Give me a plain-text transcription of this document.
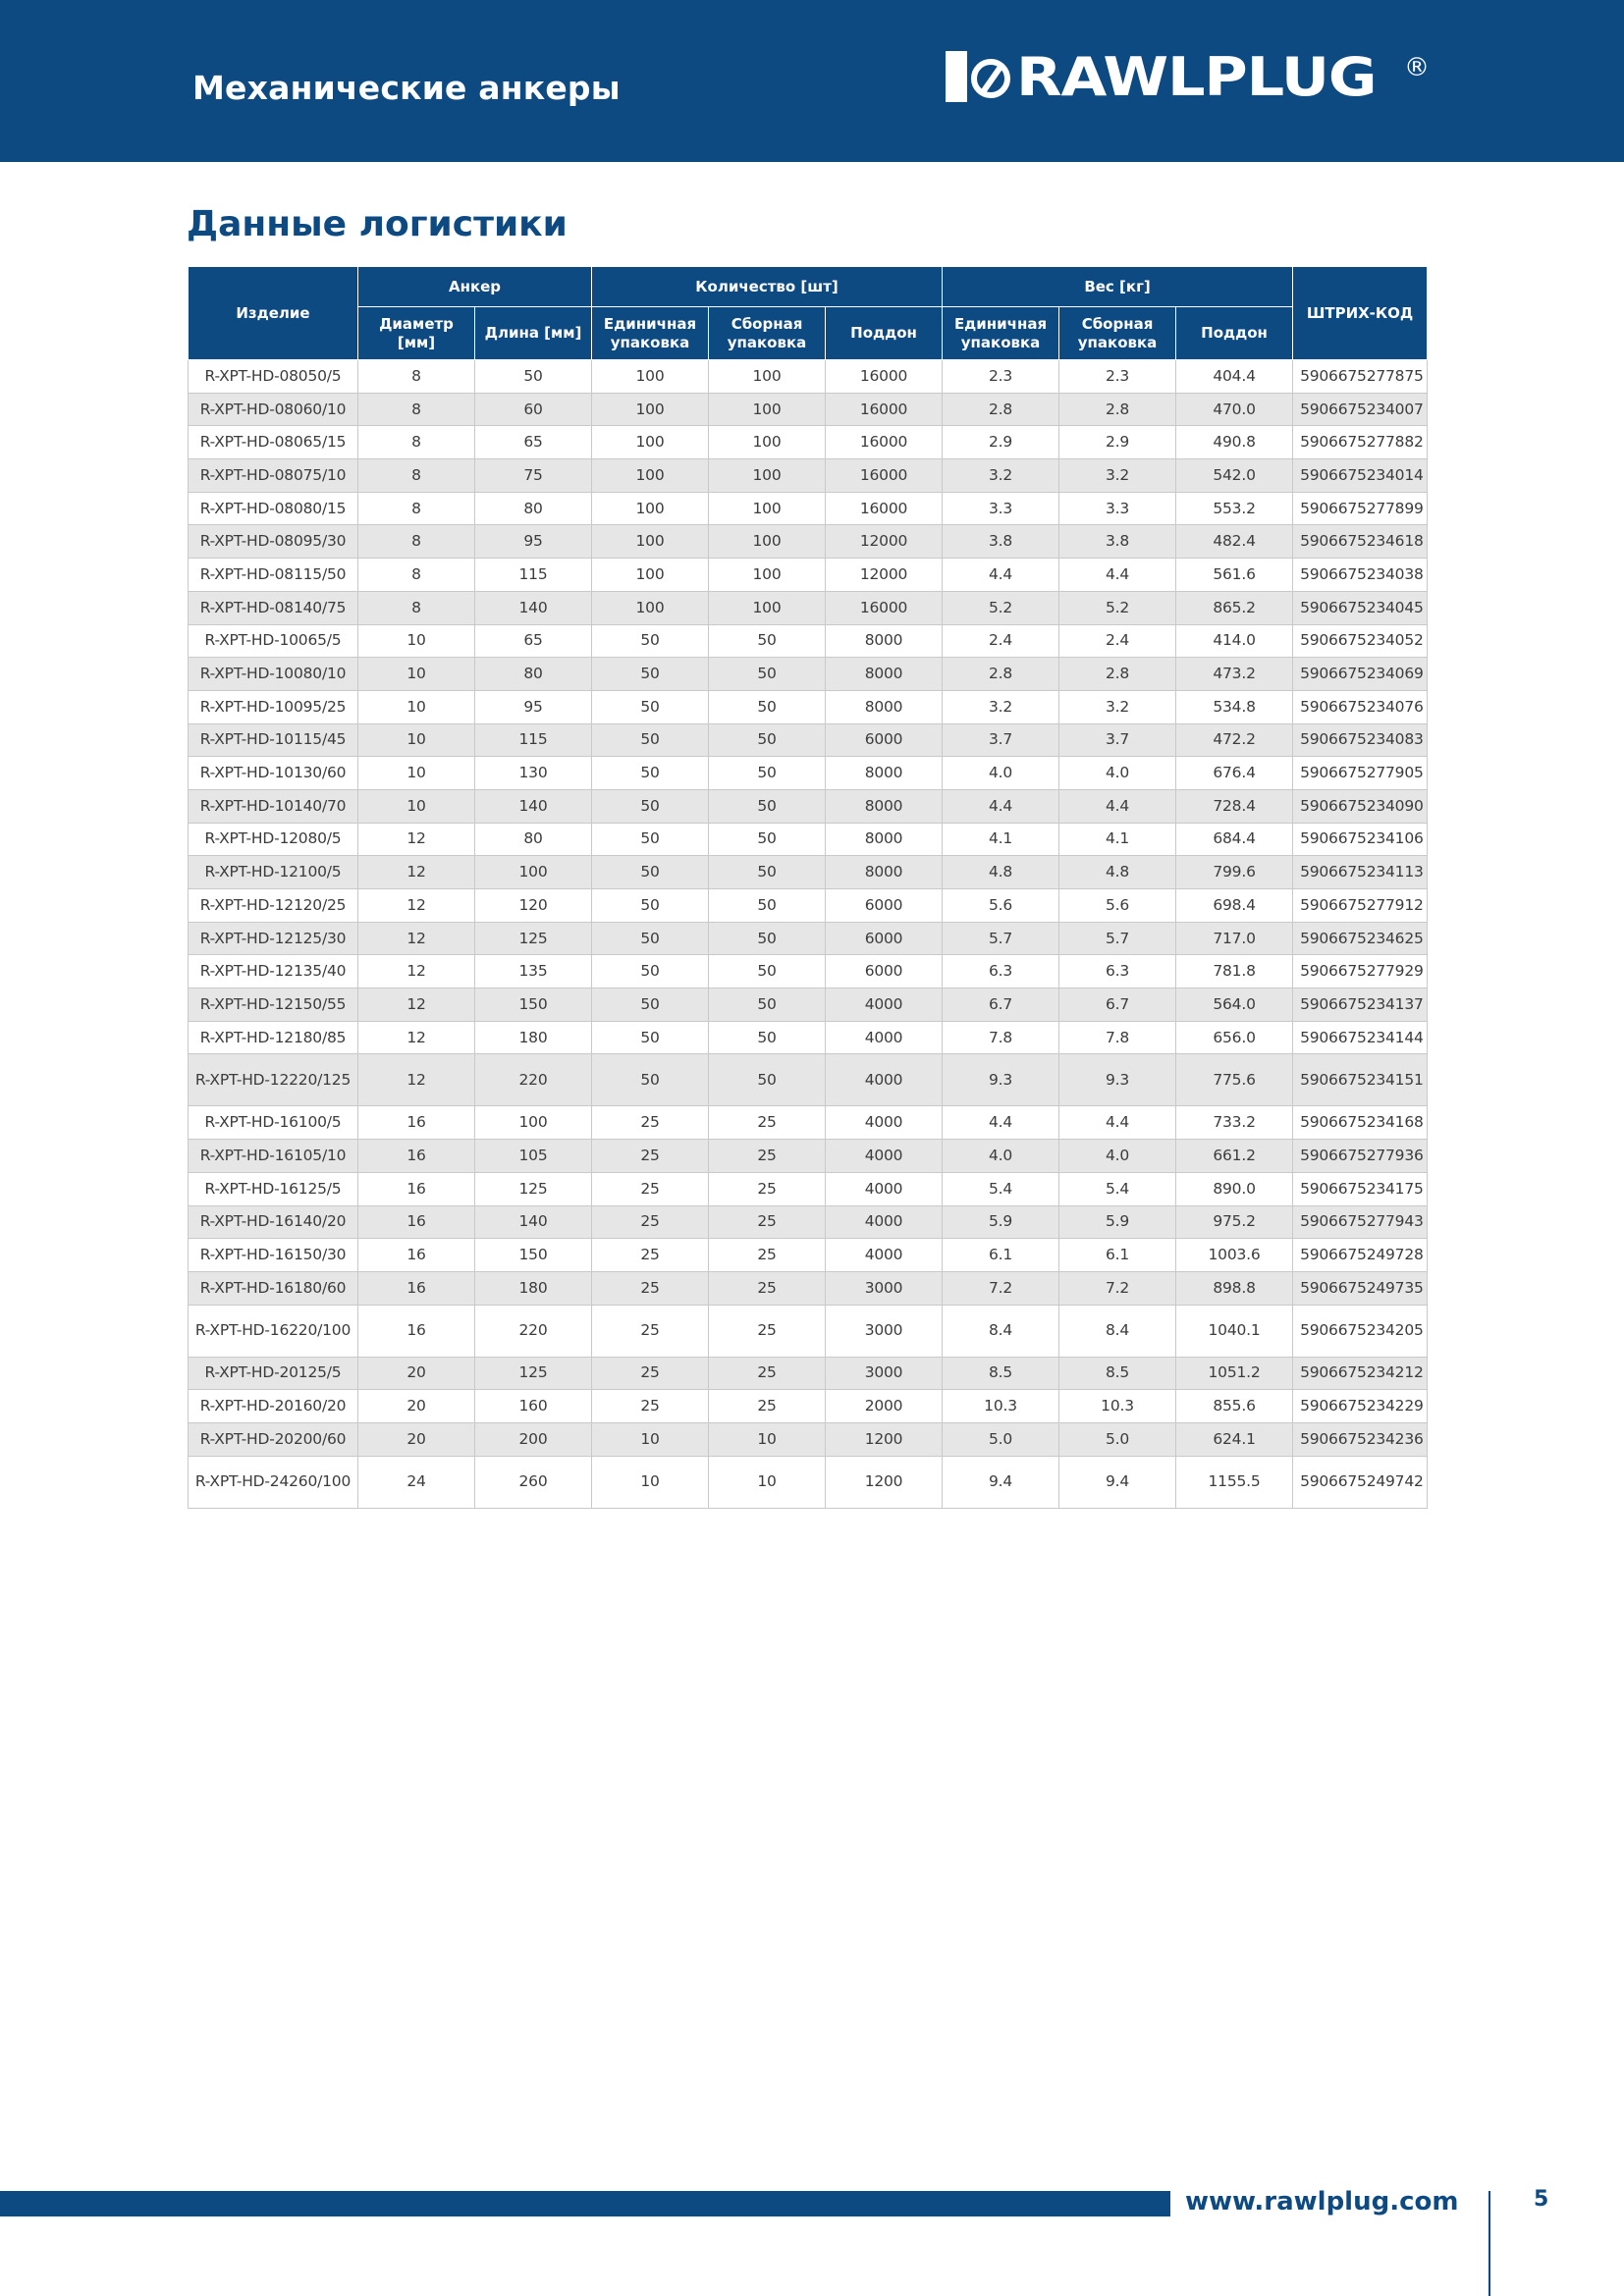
Механические анкеры	RAWLPLUG ®
Данные логистики
Изделие	Анкер		Количество [шт]			Вес [кг]			ШТРИХ-КОД
	Диаметр [мм]	Длина [мм]	Единичная упаковка	Сборная упаковка	Поддон	Единичная упаковка	Сборная упаковка	Поддон	
R-XPT-HD-08050/5	8	50	100	100	16000	2.3	2.3	404.4	5906675277875
R-XPT-HD-08060/10	8	60	100	100	16000	2.8	2.8	470.0	5906675234007
R-XPT-HD-08065/15	8	65	100	100	16000	2.9	2.9	490.8	5906675277882
R-XPT-HD-08075/10	8	75	100	100	16000	3.2	3.2	542.0	5906675234014
R-XPT-HD-08080/15	8	80	100	100	16000	3.3	3.3	553.2	5906675277899
R-XPT-HD-08095/30	8	95	100	100	12000	3.8	3.8	482.4	5906675234618
R-XPT-HD-08115/50	8	115	100	100	12000	4.4	4.4	561.6	5906675234038
R-XPT-HD-08140/75	8	140	100	100	16000	5.2	5.2	865.2	5906675234045
R-XPT-HD-10065/5	10	65	50	50	8000	2.4	2.4	414.0	5906675234052
R-XPT-HD-10080/10	10	80	50	50	8000	2.8	2.8	473.2	5906675234069
R-XPT-HD-10095/25	10	95	50	50	8000	3.2	3.2	534.8	5906675234076
R-XPT-HD-10115/45	10	115	50	50	6000	3.7	3.7	472.2	5906675234083
R-XPT-HD-10130/60	10	130	50	50	8000	4.0	4.0	676.4	5906675277905
R-XPT-HD-10140/70	10	140	50	50	8000	4.4	4.4	728.4	5906675234090
R-XPT-HD-12080/5	12	80	50	50	8000	4.1	4.1	684.4	5906675234106
R-XPT-HD-12100/5	12	100	50	50	8000	4.8	4.8	799.6	5906675234113
R-XPT-HD-12120/25	12	120	50	50	6000	5.6	5.6	698.4	5906675277912
R-XPT-HD-12125/30	12	125	50	50	6000	5.7	5.7	717.0	5906675234625
R-XPT-HD-12135/40	12	135	50	50	6000	6.3	6.3	781.8	5906675277929
R-XPT-HD-12150/55	12	150	50	50	4000	6.7	6.7	564.0	5906675234137
R-XPT-HD-12180/85	12	180	50	50	4000	7.8	7.8	656.0	5906675234144
R-XPT-HD-12220/125	12	220	50	50	4000	9.3	9.3	775.6	5906675234151
R-XPT-HD-16100/5	16	100	25	25	4000	4.4	4.4	733.2	5906675234168
R-XPT-HD-16105/10	16	105	25	25	4000	4.0	4.0	661.2	5906675277936
R-XPT-HD-16125/5	16	125	25	25	4000	5.4	5.4	890.0	5906675234175
R-XPT-HD-16140/20	16	140	25	25	4000	5.9	5.9	975.2	5906675277943
R-XPT-HD-16150/30	16	150	25	25	4000	6.1	6.1	1003.6	5906675249728
R-XPT-HD-16180/60	16	180	25	25	3000	7.2	7.2	898.8	5906675249735
R-XPT-HD-16220/100	16	220	25	25	3000	8.4	8.4	1040.1	5906675234205
R-XPT-HD-20125/5	20	125	25	25	3000	8.5	8.5	1051.2	5906675234212
R-XPT-HD-20160/20	20	160	25	25	2000	10.3	10.3	855.6	5906675234229
R-XPT-HD-20200/60	20	200	10	10	1200	5.0	5.0	624.1	5906675234236
R-XPT-HD-24260/100	24	260	10	10	1200	9.4	9.4	1155.5	5906675249742
www.rawlplug.com	5
